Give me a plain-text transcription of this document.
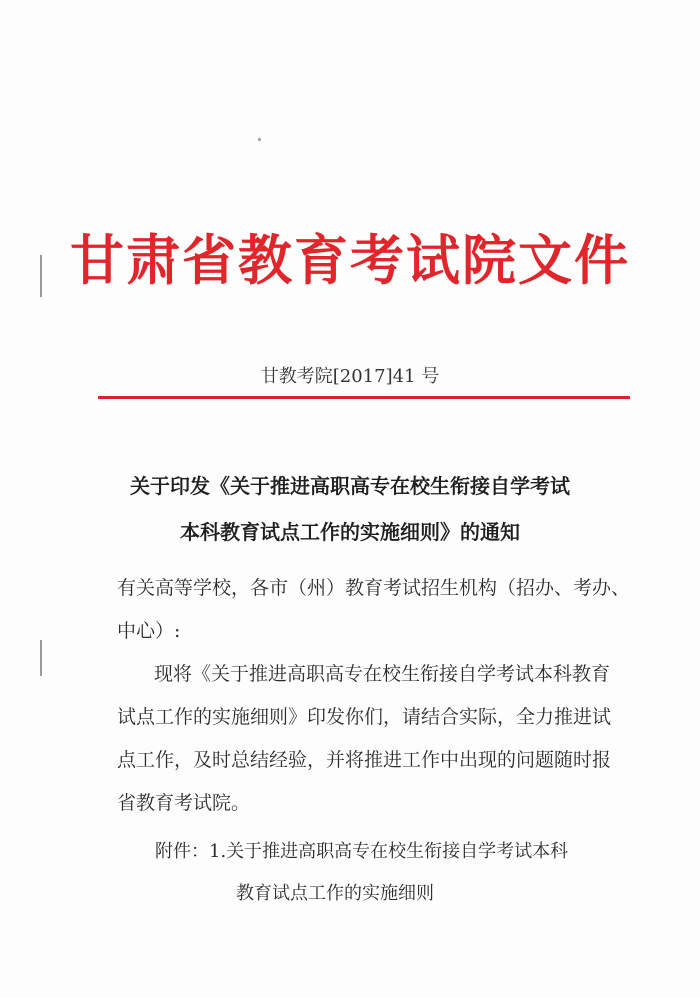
甘肃省教育考试院文件
甘教考院[2017]41 号
关于印发《关于推进高职高专在校生衔接自学考试
本科教育试点工作的实施细则》的通知
有关高等学校，各市（州）教育考试招生机构（招办、考办、
中心）:
现将《关于推进高职高专在校生衔接自学考试本科教育
试点工作的实施细则》印发你们，请结合实际，全力推进试
点工作，及时总结经验，并将推进工作中出现的问题随时报
省教育考试院。
附件：1.关于推进高职高专在校生衔接自学考试本科
教育试点工作的实施细则
